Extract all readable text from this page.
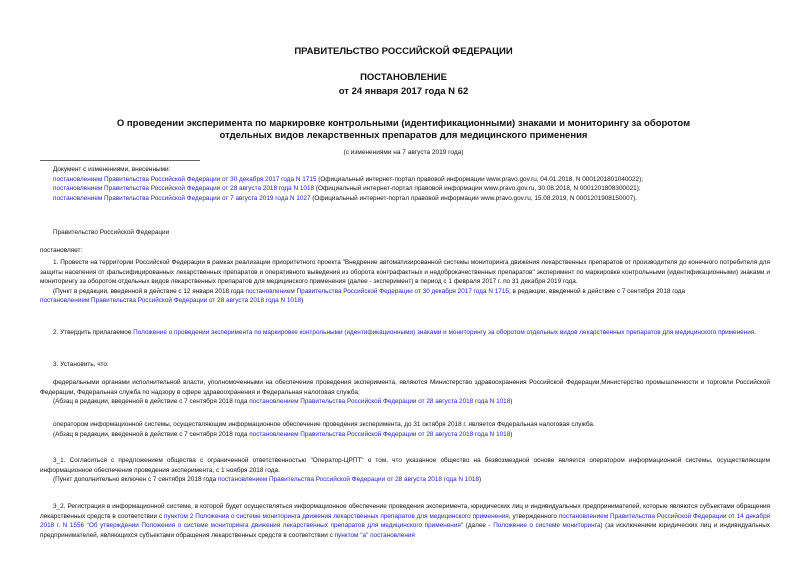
ПРАВИТЕЛЬСТВО РОССИЙСКОЙ ФЕДЕРАЦИИ
ПОСТАНОВЛЕНИЕ
от 24 января 2017 года N 62
О проведении эксперимента по маркировке контрольными (идентификационными) знаками и мониторингу за оборотом отдельных видов лекарственных препаратов для медицинского применения
(с изменениями на 7 августа 2019 года)

Документ с изменениями, внесенными:

постановлением Правительства Российской Федерации от 30 декабря 2017 года N 1715 (Официальный интернет-портал правовой информации www.pravo.gov.ru, 04.01.2018, N 0001201801040022);

постановлением Правительства Российской Федерации от 28 августа 2018 года N 1018 (Официальный интернет-портал правовой информации www.pravo.gov.ru, 30.08.2018, N 0001201808300021);

постановлением Правительства Российской Федерации от 7 августа 2019 года N 1027 (Официальный интернет-портал правовой информации www.pravo.gov.ru, 15.08.2019, N 0001201908150007).

Правительство Российской Федерации
постановляет:

1. Провести на территории Российской Федерации в рамках реализации приоритетного проекта "Внедрение автоматизированной системы мониторинга движения лекарственных препаратов от производителя до конечного потребителя для защиты населения от фальсифицированных лекарственных препаратов и оперативного выведения из оборота контрафактных и недоброкачественных препаратов" эксперимент по маркировке контрольными (идентификационными) знаками и мониторингу за оборотом отдельных видов лекарственных препаратов для медицинского применения (далее - эксперимент) в период с 1 февраля 2017 г. по 31 декабря 2019 года.

(Пункт в редакции, введенной в действие с 12 января 2018 года постановлением Правительства Российской Федерации от 30 декабря 2017 года N 1715; в редакции, введенной в действие с 7 сентября 2018 года

постановлением Правительства Российской Федерации от 28 августа 2018 года N 1018)

2. Утвердить прилагаемое Положение о проведении эксперимента по маркировке контрольными (идентификационными) знаками и мониторингу за оборотом отдельных видов лекарственных препаратов для медицинского применения.

3. Установить, что:

федеральными органами исполнительной власти, уполномоченными на обеспечение проведения эксперимента, являются Министерство здравоохранения Российской Федерации,Министерство промышленности и торговли Российской Федерации, Федеральная служба по надзору в сфере здравоохранения и Федеральная налоговая служба;

(Абзац в редакции, введенной в действие с 7 сентября 2018 года постановлением Правительства Российской Федерации от 28 августа 2018 года N 1018)

оператором информационной системы, осуществляющим информационное обеспечение проведения эксперимента, до 31 октября 2018 г. является Федеральная налоговая служба.

(Абзац в редакции, введенной в действие с 7 сентября 2018 года постановлением Правительства Российской Федерации от 28 августа 2018 года N 1018)

3_1. Согласиться с предложением общества с ограниченной ответственностью "Оператор-ЦРПТ" о том, что указанное общество на безвозмездной основе является оператором информационной системы, осуществляющим информационное обеспечение проведения эксперимента, с 1 ноября 2018 года.

(Пункт дополнительно включен с 7 сентября 2018 года постановлением Правительства Российской Федерации от 28 августа 2018 года N 1018)

3_2. Регистрация в информационной системе, в которой будет осуществляться информационное обеспечение проведения эксперимента, юридических лиц и индивидуальных предпринимателей, которые являются субъектами обращения лекарственных средств в соответствии с пунктом 2 Положения о системе мониторинга движения лекарственных препаратов для медицинского применения, утвержденного постановлением Правительства Российской Федерации от 14 декабря 2018 г. N 1556 "Об утверждении Положения о системе мониторинга движения лекарственных препаратов для медицинского применения" (далее - Положение о системе мониторинга) (за исключением юридических лиц и индивидуальных предпринимателей, являющихся субъектами обращения лекарственных средств в соответствии с пунктом "а" постановления
